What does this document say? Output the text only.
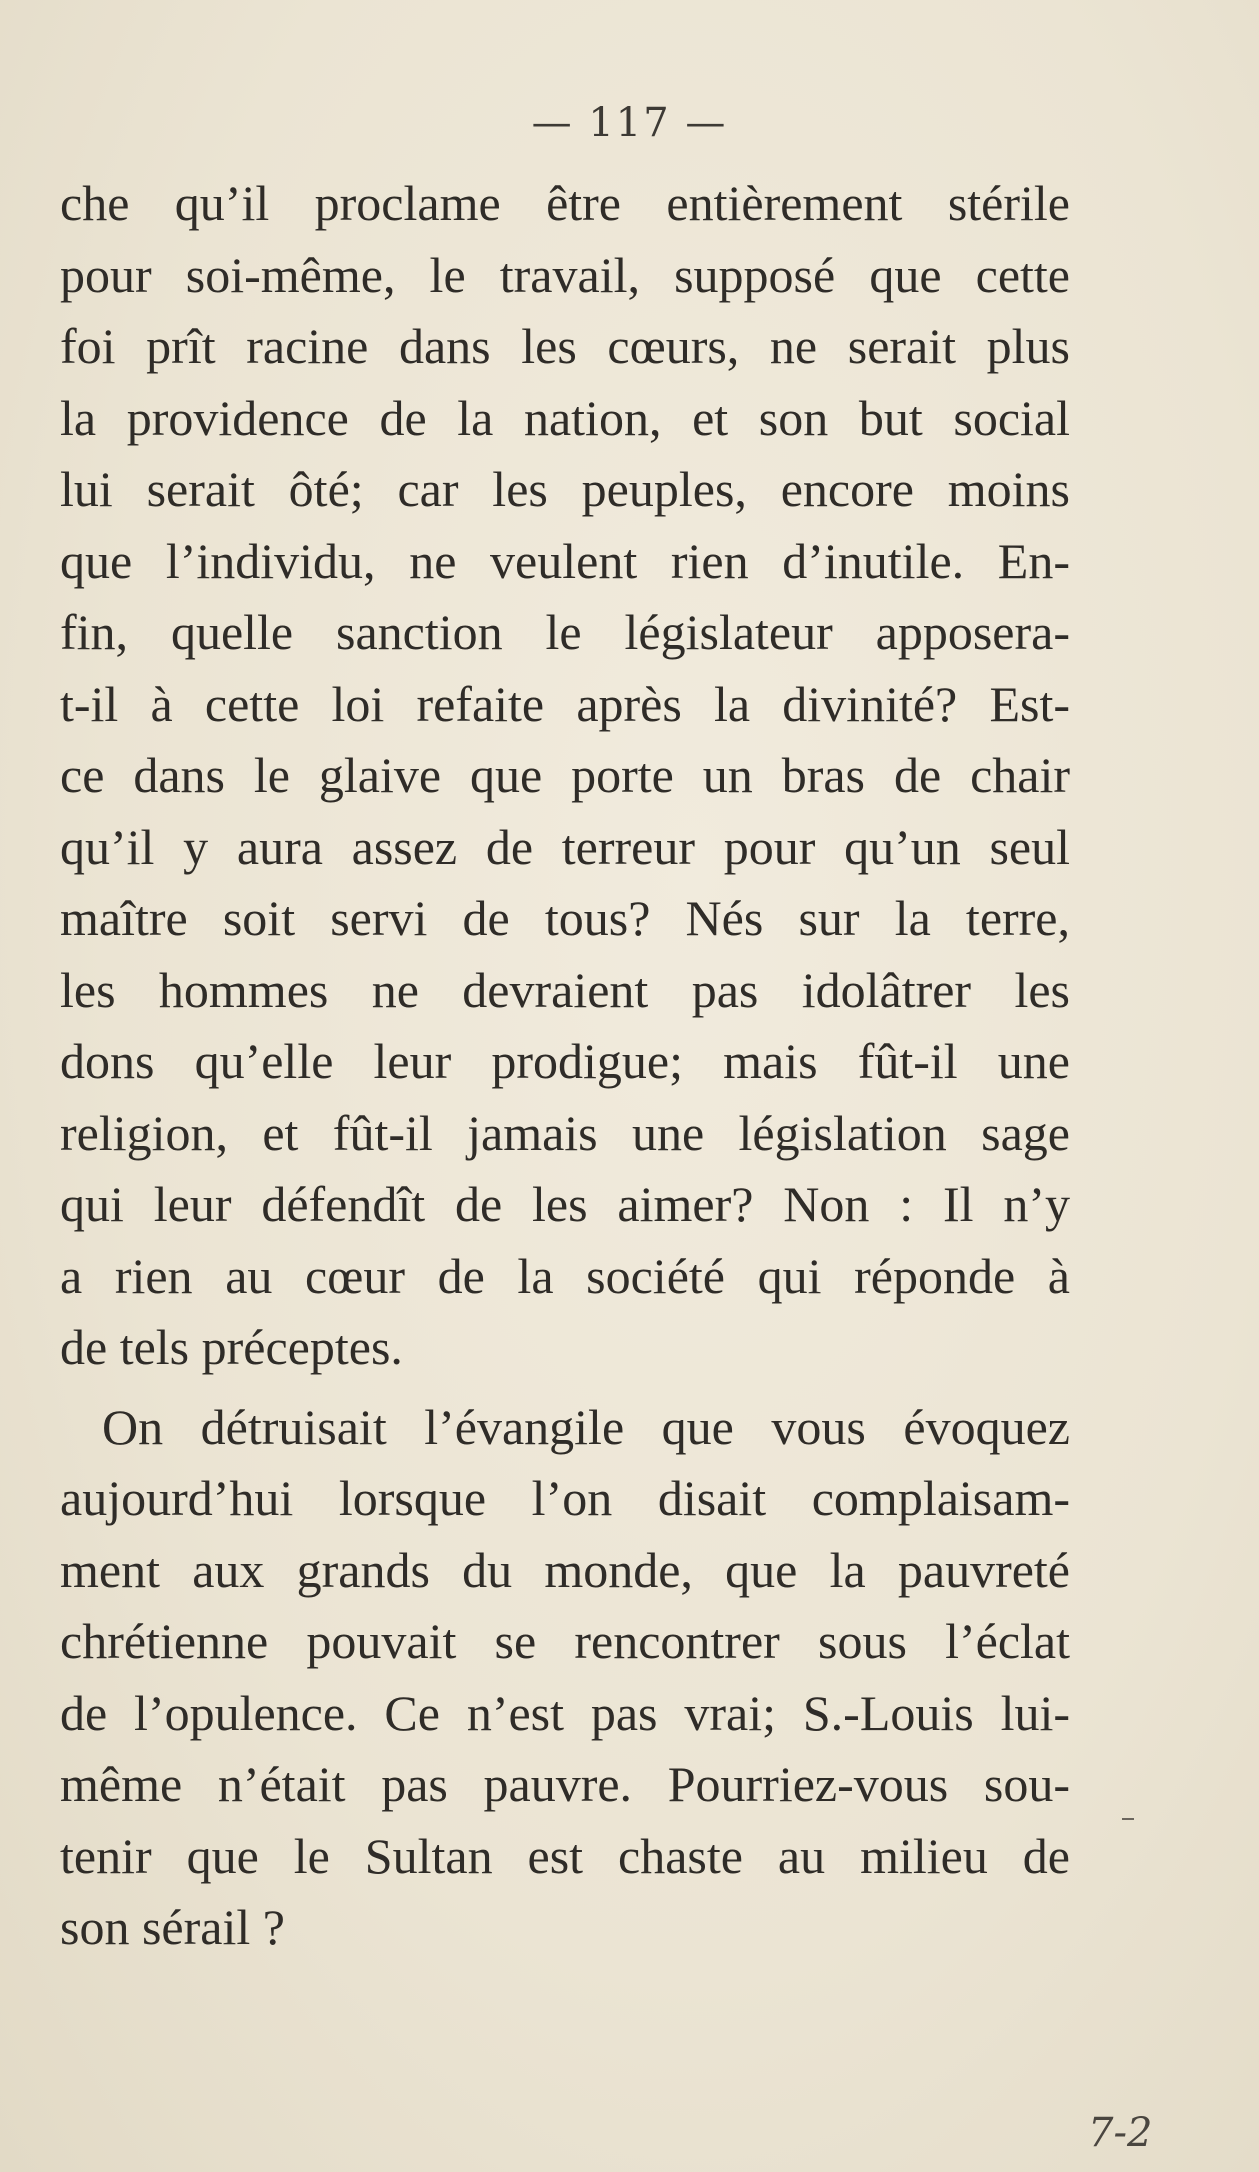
— 117 —
che qu’il proclame être entièrement stérile
pour soi-même, le travail, supposé que cette
foi prît racine dans les cœurs, ne serait plus
la providence de la nation, et son but social
lui serait ôté; car les peuples, encore moins
que l’individu, ne veulent rien d’inutile. En-
fin, quelle sanction le législateur apposera-
t-il à cette loi refaite après la divinité? Est-
ce dans le glaive que porte un bras de chair
qu’il y aura assez de terreur pour qu’un seul
maître soit servi de tous? Nés sur la terre,
les hommes ne devraient pas idolâtrer les
dons qu’elle leur prodigue; mais fût-il une
religion, et fût-il jamais une législation sage
qui leur défendît de les aimer? Non : Il n’y
a rien au cœur de la société qui réponde à
de tels préceptes.
On détruisait l’évangile que vous évoquez
aujourd’hui lorsque l’on disait complaisam-
ment aux grands du monde, que la pauvreté
chrétienne pouvait se rencontrer sous l’éclat
de l’opulence. Ce n’est pas vrai; S.-Louis lui-
même n’était pas pauvre. Pourriez-vous sou-
tenir que le Sultan est chaste au milieu de
son sérail ?
7-2
